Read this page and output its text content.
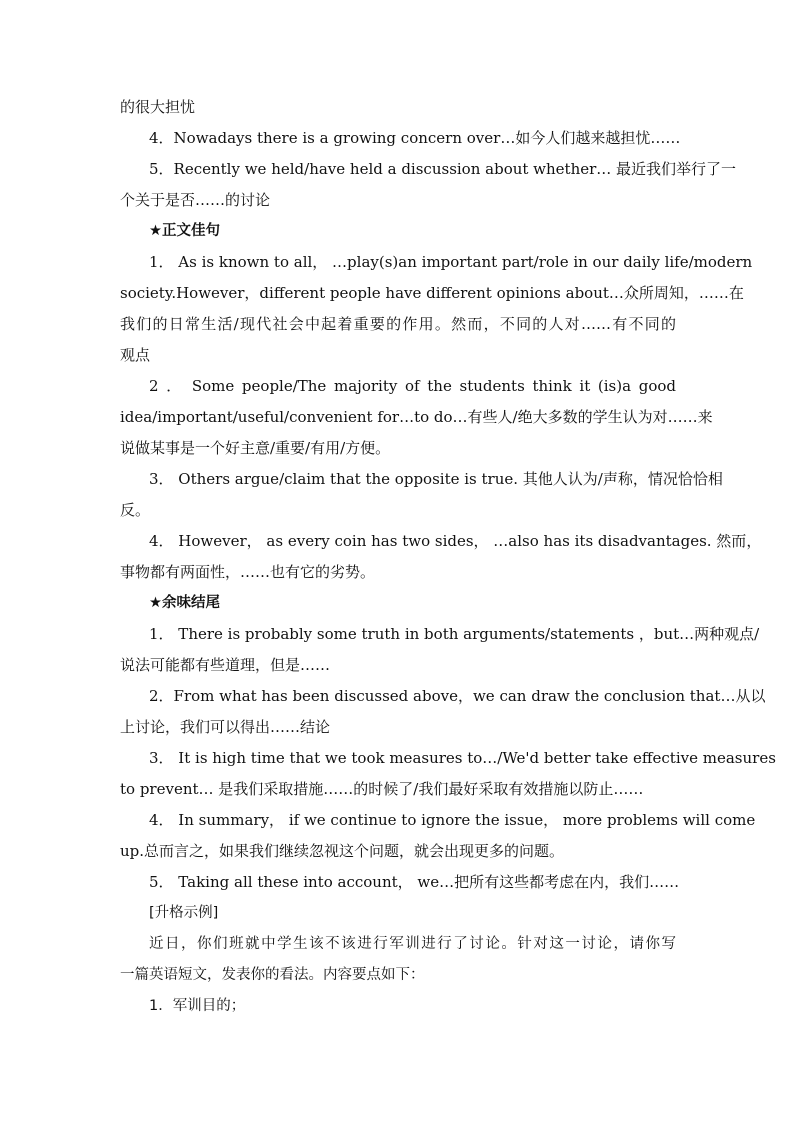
的很大担忧
4．Nowadays there is a growing concern over…如今人们越来越担忧……
5．Recently we held/have held a discussion about whether… 最近我们举行了一
个关于是否……的讨论
★正文佳句
1． As is known to all， …play(s)an important part/role in our daily life/modern
society.However，different people have different opinions about…众所周知，……在
我们的日常生活/现代社会中起着重要的作用。然而，不同的人对……有不同的
观点
2 ． Some people/The majority of the students think it (is)a good
idea/important/useful/convenient for…to do…有些人/绝大多数的学生认为对……来
说做某事是一个好主意/重要/有用/方便。
3． Others argue/claim that the opposite is true. 其他人认为/声称，情况恰恰相
反。
4． However， as every coin has two sides， …also has its disadvantages. 然而，
事物都有两面性，……也有它的劣势。
★余味结尾
1． There is probably some truth in both arguments/statements ，but…两种观点/
说法可能都有些道理，但是……
2．From what has been discussed above，we can draw the conclusion that…从以
上讨论，我们可以得出……结论
3． It is high time that we took measures to…/We'd better take effective measures
to prevent… 是我们采取措施……的时候了/我们最好采取有效措施以防止……
4． In summary， if we continue to ignore the issue， more problems will come
up.总而言之，如果我们继续忽视这个问题，就会出现更多的问题。
5． Taking all these into account， we…把所有这些都考虑在内，我们……
[升格示例]
近日，你们班就中学生该不该进行军训进行了讨论。针对这一讨论，请你写
一篇英语短文，发表你的看法。内容要点如下：
1．军训目的；
